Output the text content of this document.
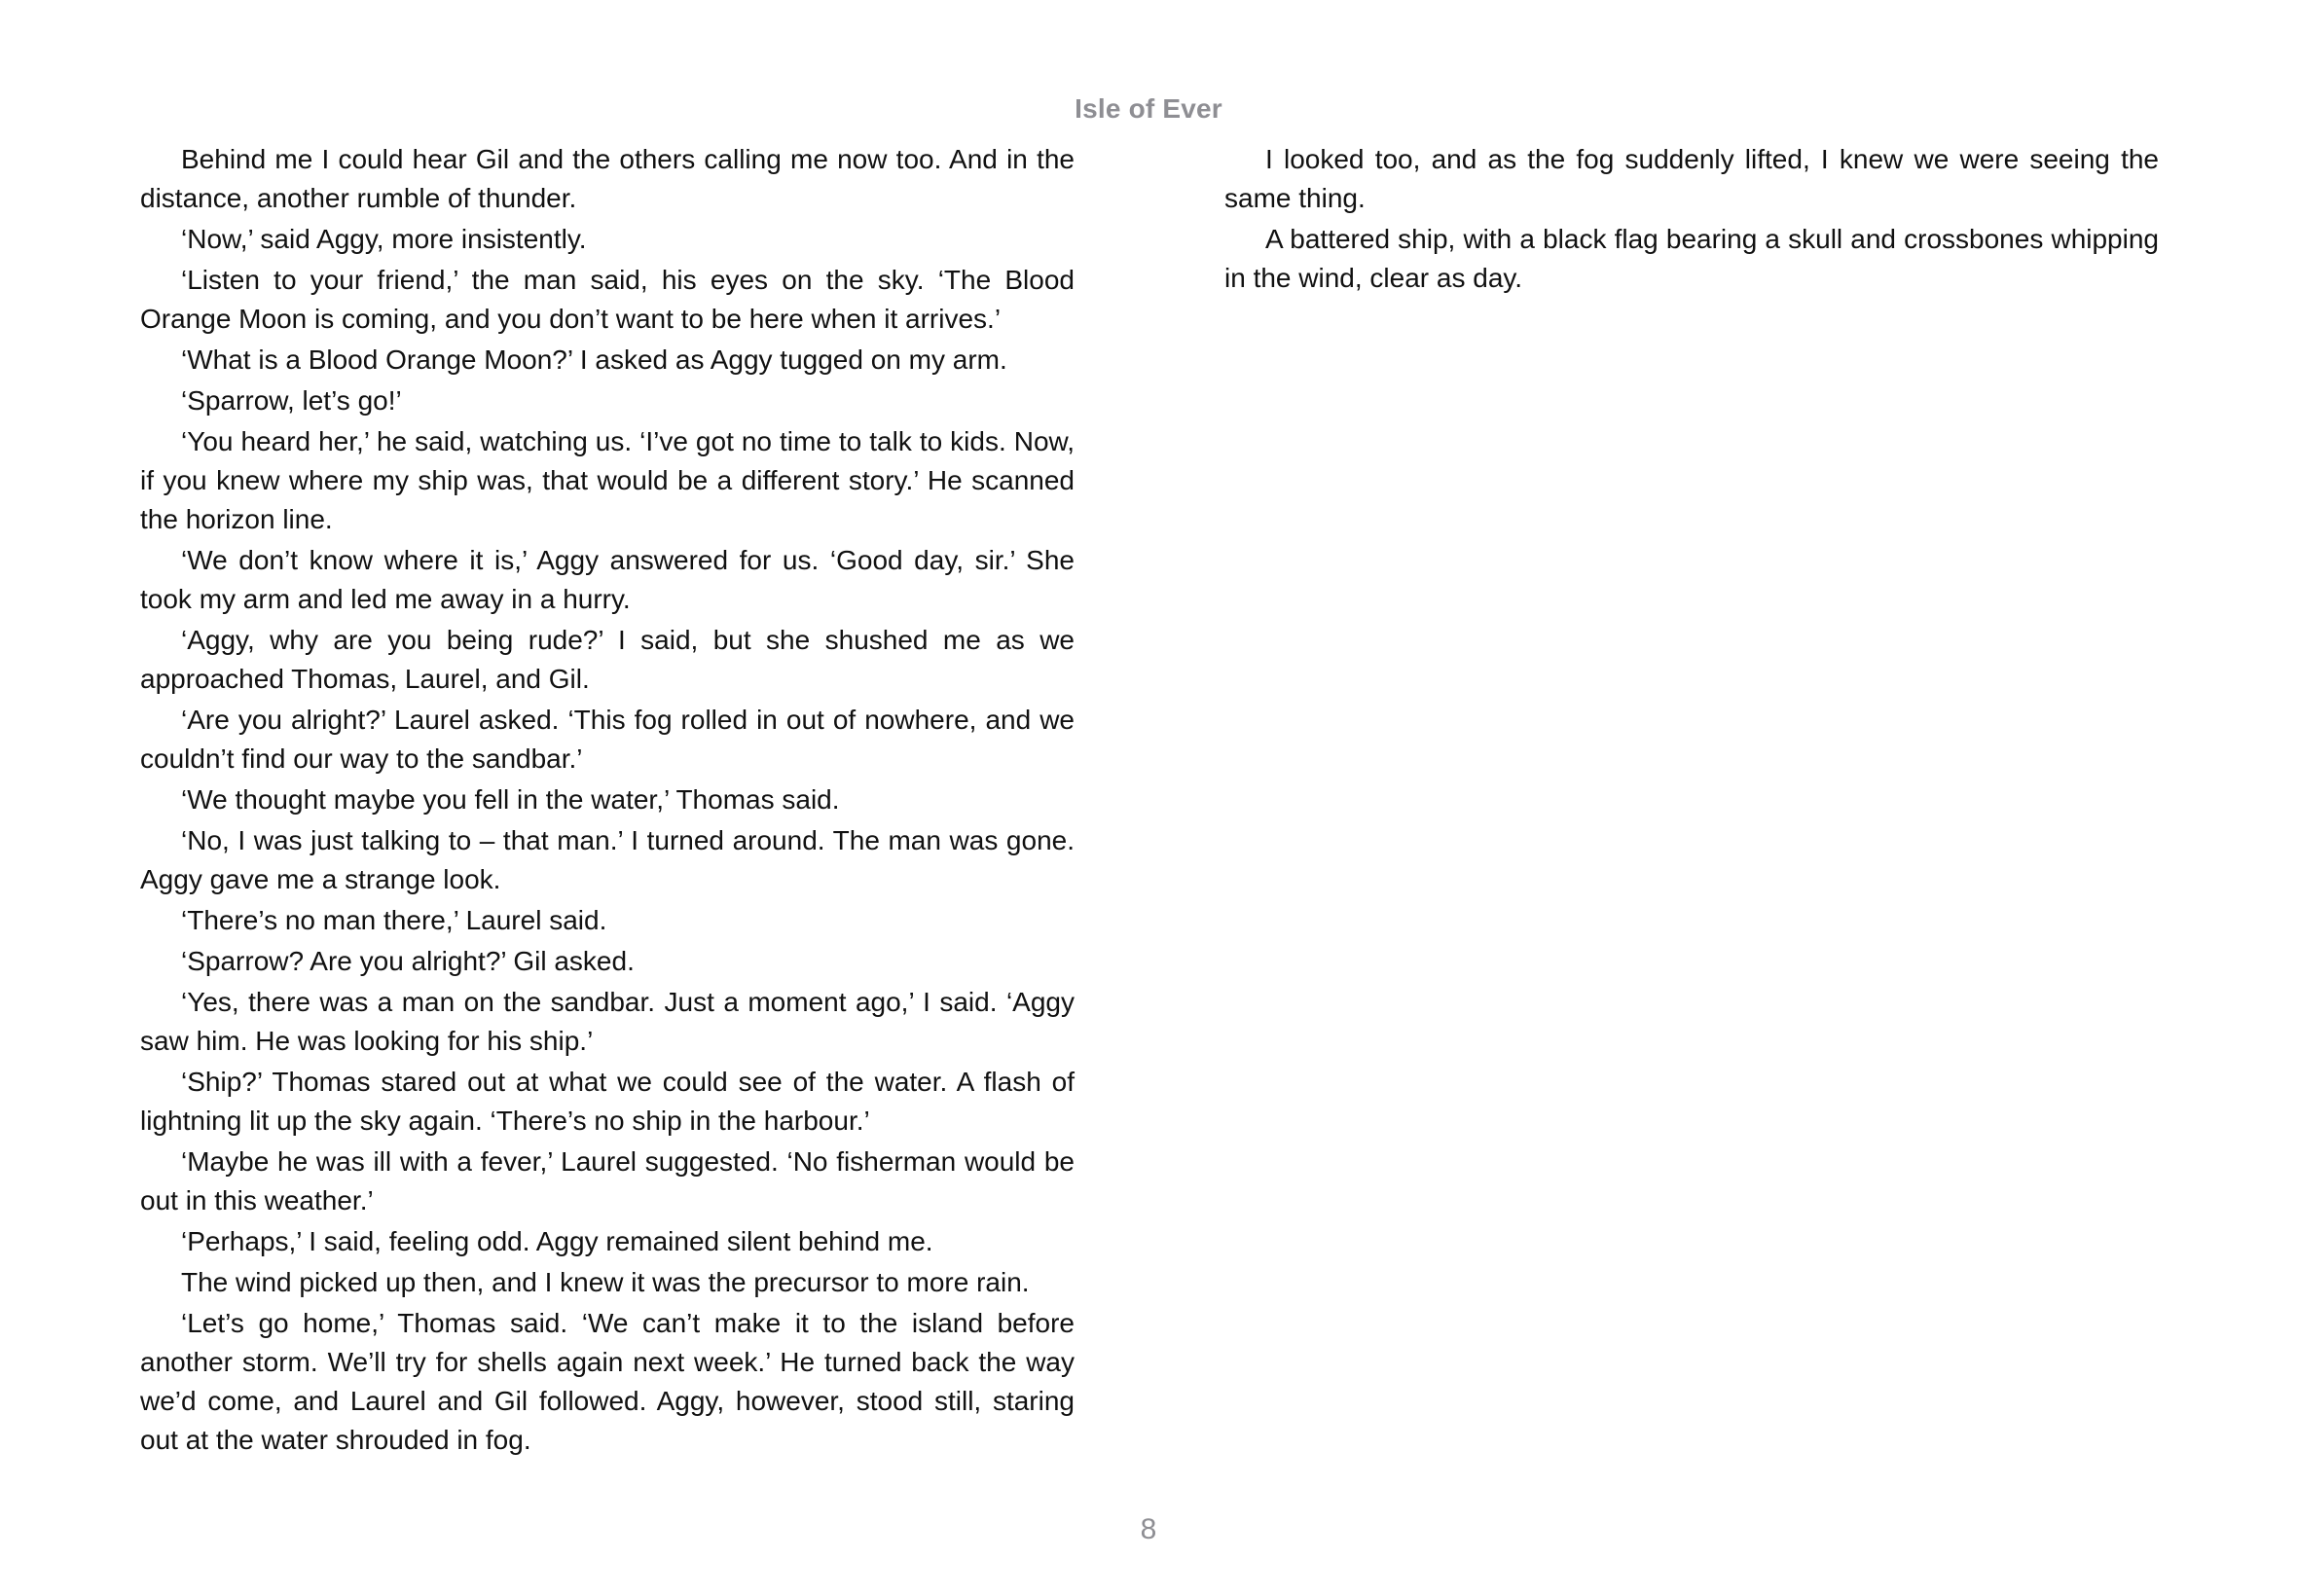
Isle of Ever

Behind me I could hear Gil and the others calling me now too. And in the distance, another rumble of thunder.

‘Now,’ said Aggy, more insistently.

‘Listen to your friend,’ the man said, his eyes on the sky. ‘The Blood Orange Moon is coming, and you don’t want to be here when it arrives.’

‘What is a Blood Orange Moon?’ I asked as Aggy tugged on my arm.

‘Sparrow, let’s go!’

‘You heard her,’ he said, watching us. ‘I’ve got no time to talk to kids. Now, if you knew where my ship was, that would be a different story.’ He scanned the horizon line.

‘We don’t know where it is,’ Aggy answered for us. ‘Good day, sir.’ She took my arm and led me away in a hurry.

‘Aggy, why are you being rude?’ I said, but she shushed me as we approached Thomas, Laurel, and Gil.

‘Are you alright?’ Laurel asked. ‘This fog rolled in out of nowhere, and we couldn’t find our way to the sandbar.’

‘We thought maybe you fell in the water,’ Thomas said.

‘No, I was just talking to – that man.’ I turned around. The man was gone. Aggy gave me a strange look.

‘There’s no man there,’ Laurel said.

‘Sparrow? Are you alright?’ Gil asked.

‘Yes, there was a man on the sandbar. Just a moment ago,’ I said. ‘Aggy saw him. He was looking for his ship.’

‘Ship?’ Thomas stared out at what we could see of the water. A flash of lightning lit up the sky again. ‘There’s no ship in the harbour.’

‘Maybe he was ill with a fever,’ Laurel suggested. ‘No fisherman would be out in this weather.’

‘Perhaps,’ I said, feeling odd. Aggy remained silent behind me.

The wind picked up then, and I knew it was the precursor to more rain.

‘Let’s go home,’ Thomas said. ‘We can’t make it to the island before another storm. We’ll try for shells again next week.’ He turned back the way we’d come, and Laurel and Gil followed. Aggy, however, stood still, staring out at the water shrouded in fog.

I looked too, and as the fog suddenly lifted, I knew we were seeing the same thing.

A battered ship, with a black flag bearing a skull and crossbones whipping in the wind, clear as day.

8
